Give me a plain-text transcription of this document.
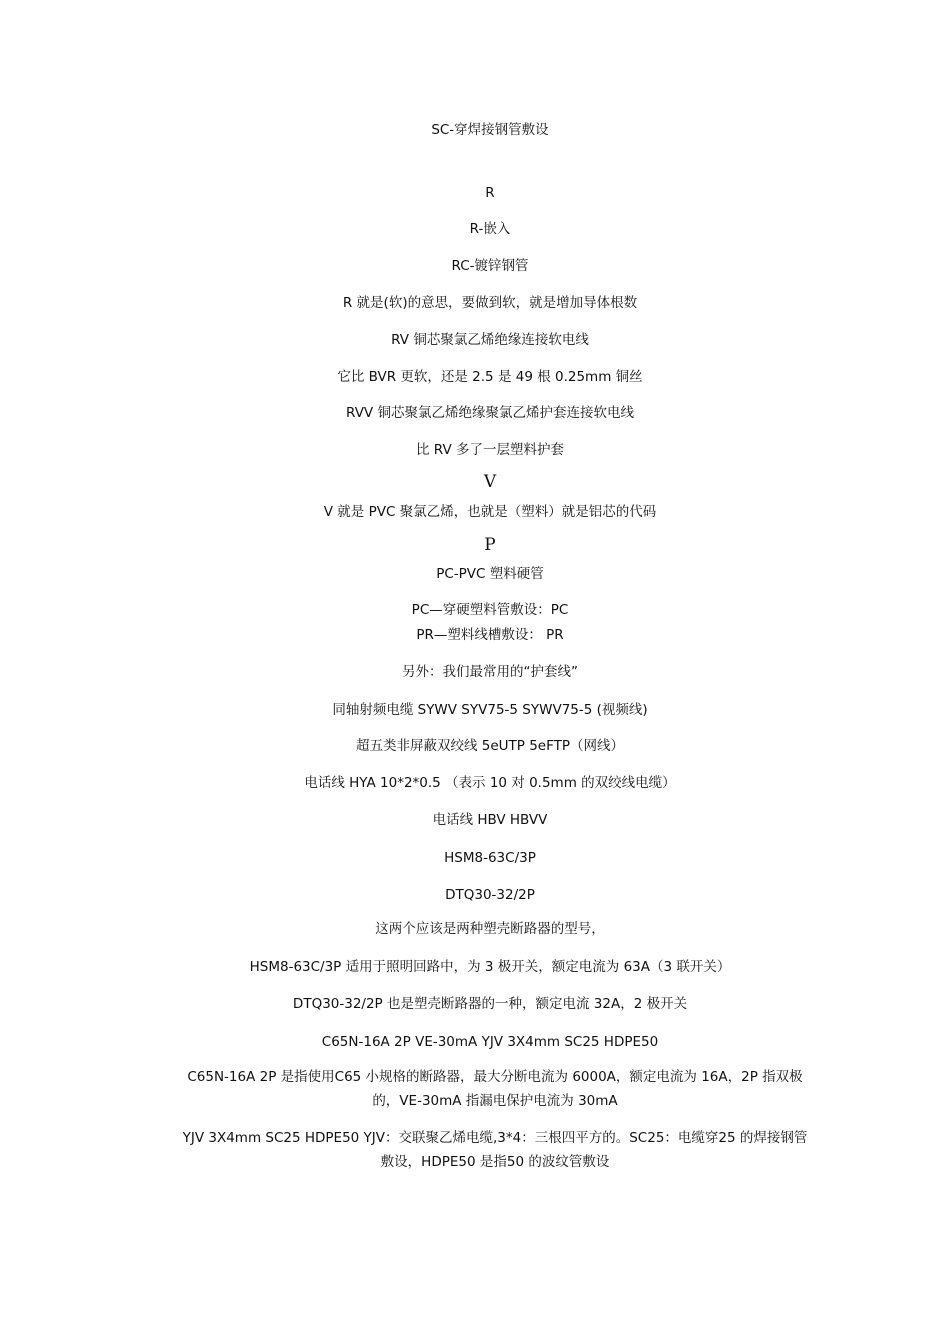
SC-穿焊接钢管敷设
R
R-嵌入
RC-镀锌钢管
R 就是(软)的意思，要做到软，就是增加导体根数
RV 铜芯聚氯乙烯绝缘连接软电线
它比 BVR 更软，还是 2.5 是 49 根 0.25mm 铜丝
RVV 铜芯聚氯乙烯绝缘聚氯乙烯护套连接软电线
比 RV 多了一层塑料护套
V
V 就是 PVC 聚氯乙烯，也就是（塑料）就是铝芯的代码
P
PC-PVC 塑料硬管
PC—穿硬塑料管敷设：PC
PR—塑料线槽敷设： PR
另外：我们最常用的“护套线”
同轴射频电缆 SYWV SYV75-5 SYWV75-5 (视频线)
超五类非屏蔽双绞线 5eUTP 5eFTP（网线）
电话线 HYA 10*2*0.5 （表示 10 对 0.5mm 的双绞线电缆）
电话线 HBV HBVV
HSM8-63C/3P
DTQ30-32/2P
这两个应该是两种塑壳断路器的型号，
HSM8-63C/3P 适用于照明回路中，为 3 极开关，额定电流为 63A（3 联开关）
DTQ30-32/2P 也是塑壳断路器的一种，额定电流 32A，2 极开关
C65N-16A 2P VE-30mA YJV 3X4mm SC25 HDPE50
C65N-16A 2P 是指使用C65 小规格的断路器，最大分断电流为 6000A，额定电流为 16A，2P 指双极的，VE-30mA 指漏电保护电流为 30mA
YJV 3X4mm SC25 HDPE50 YJV：交联聚乙烯电缆,3*4：三根四平方的。SC25：电缆穿25 的焊接钢管敷设，HDPE50 是指50 的波纹管敷设
